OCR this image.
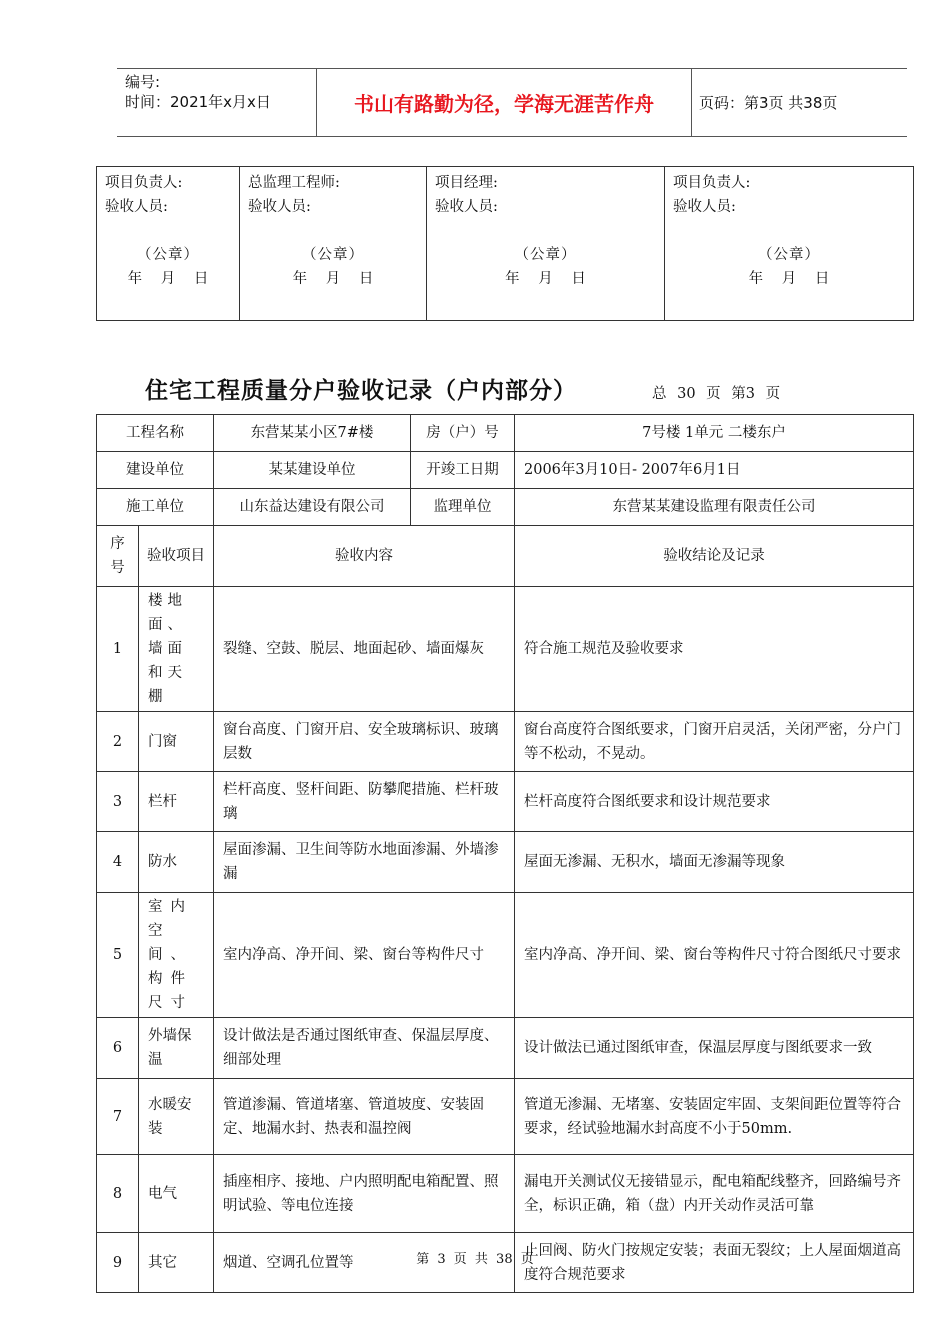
编号:
时间：2021年x月x日	书山有路勤为径，学海无涯苦作舟	页码：第3页 共38页
项目负责人:
验收人员:
（公章）
年 月 日

总监理工程师:
验收人员:
（公章）
年 月 日

项目经理:
验收人员:
（公章）
年 月 日

项目负责人:
验收人员:
（公章）
年 月 日
住宅工程质量分户验收记录（户内部分）	总 30 页 第3 页
工程名称		东营某某小区7#楼	房（户）号	7号楼 1单元 二楼东户
建设单位		某某建设单位	开竣工日期	2006年3月10日- 2007年6月1日
施工单位		山东益达建设有限公司	监理单位	东营某某建设监理有限责任公司

序号	验收项目	验收内容		验收结论及记录
1	楼地面、墙面和天棚	裂缝、空鼓、脱层、地面起砂、墙面爆灰		符合施工规范及验收要求
2	门窗	窗台高度、门窗开启、安全玻璃标识、玻璃层数		窗台高度符合图纸要求，门窗开启灵活，关闭严密，分户门等不松动，不晃动。
3	栏杆	栏杆高度、竖杆间距、防攀爬措施、栏杆玻璃		栏杆高度符合图纸要求和设计规范要求
4	防水	屋面渗漏、卫生间等防水地面渗漏、外墙渗漏		屋面无渗漏、无积水，墙面无渗漏等现象
5	室内空间、构件尺寸	室内净高、净开间、梁、窗台等构件尺寸		室内净高、净开间、梁、窗台等构件尺寸符合图纸尺寸要求
6	外墙保温	设计做法是否通过图纸审查、保温层厚度、细部处理		设计做法已通过图纸审查，保温层厚度与图纸要求一致
7	水暖安装	管道渗漏、管道堵塞、管道坡度、安装固定、地漏水封、热表和温控阀		管道无渗漏、无堵塞、安装固定牢固、支架间距位置等符合要求，经试验地漏水封高度不小于50mm.
8	电气	插座相序、接地、户内照明配电箱配置、照明试验、等电位连接		漏电开关测试仪无接错显示，配电箱配线整齐，回路编号齐全，标识正确，箱（盘）内开关动作灵活可靠
9	其它	烟道、空调孔位置等		止回阀、防火门按规定安装；表面无裂纹；上人屋面烟道高度符合规范要求
第 3 页 共 38 页
